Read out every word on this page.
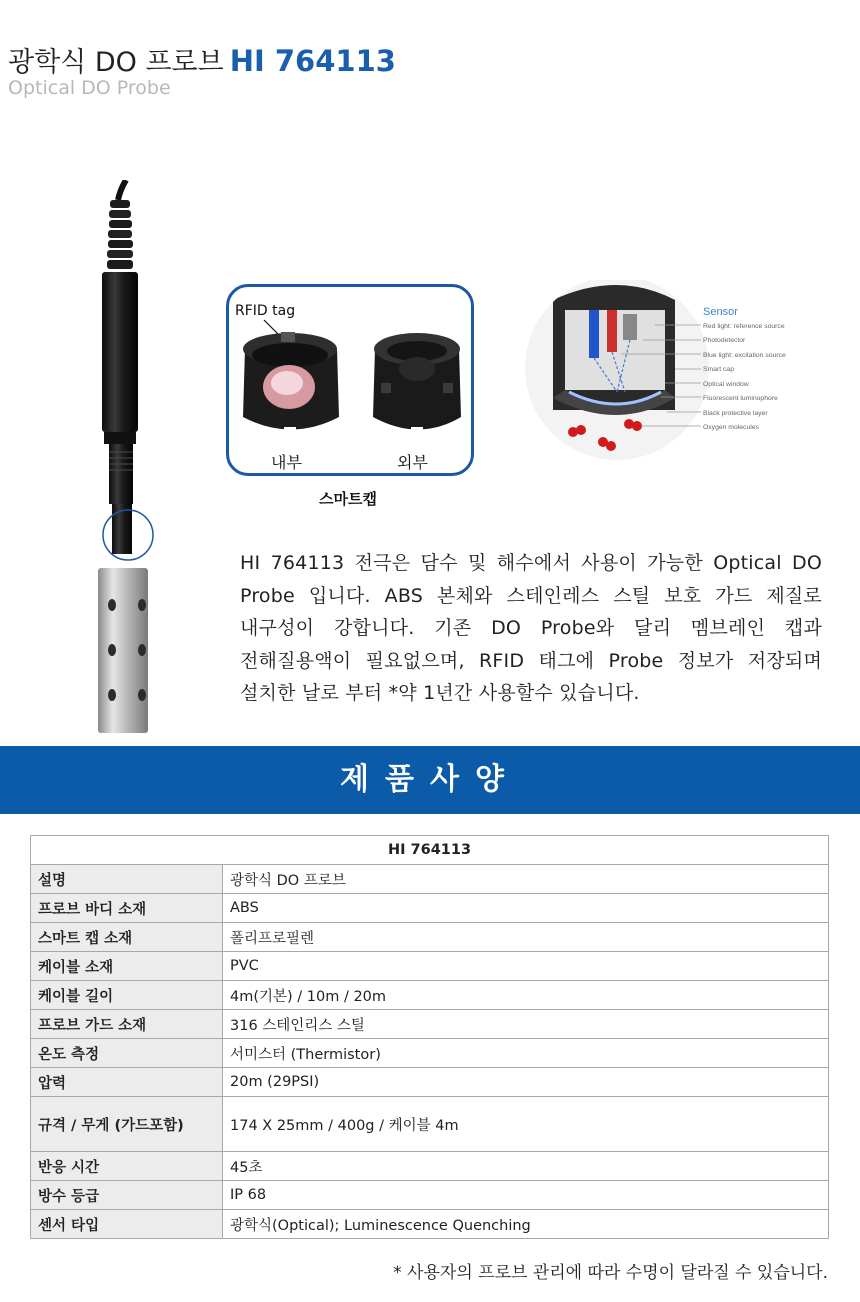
광학식 DO 프로브 HI 764113
Optical DO Probe
RFID tag
내부	외부
스마트캡
Sensor
Red light: reference source
Photodetector
Blue light: excitation source
Smart cap
Optical window
Fluorescent luminophore
Black protective layer
Oxygen molecules
HI 764113 전극은 담수 및 해수에서 사용이 가능한 Optical DO
Probe 입니다. ABS 본체와 스테인레스 스틸 보호 가드 제질로
내구성이 강합니다. 기존 DO Probe와 달리 멤브레인 캡과
전해질용액이 필요없으며, RFID 태그에 Probe 정보가 저장되며
설치한 날로 부터 *약 1년간 사용할수 있습니다.
제품사양
HI 764113	
설명	광학식 DO 프로브
프로브 바디 소재	ABS
스마트 캡 소재	폴리프로필렌
케이블 소재	PVC
케이블 길이	4m(기본) / 10m / 20m
프로브 가드 소재	316 스테인리스 스틸
온도 측정	서미스터 (Thermistor)
압력	20m (29PSI)
규격 / 무게 (가드포함)	174 X 25mm / 400g / 케이블 4m
반응 시간	45초
방수 등급	IP 68
센서 타입	광학식(Optical); Luminescence Quenching
* 사용자의 프로브 관리에 따라 수명이 달라질 수 있습니다.
